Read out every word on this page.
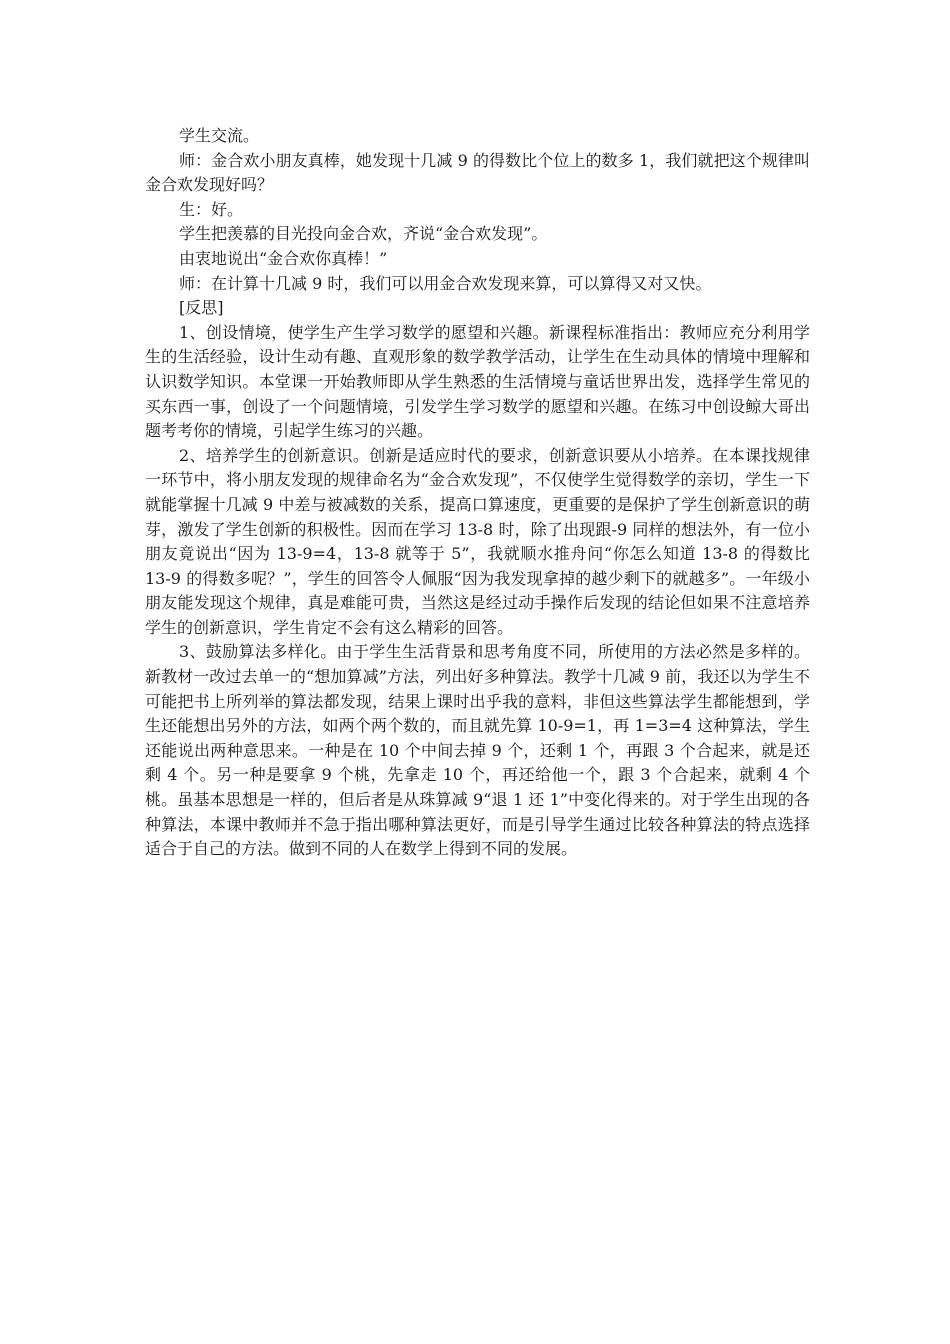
学生交流。

师：金合欢小朋友真棒，她发现十几减 9 的得数比个位上的数多 1，我们就把这个规律叫金合欢发现好吗？

生：好。

学生把羡慕的目光投向金合欢，齐说“金合欢发现”。

由衷地说出“金合欢你真棒！”

师：在计算十几减 9 时，我们可以用金合欢发现来算，可以算得又对又快。

[反思]

1、创设情境，使学生产生学习数学的愿望和兴趣。新课程标准指出：教师应充分利用学生的生活经验，设计生动有趣、直观形象的数学教学活动，让学生在生动具体的情境中理解和认识数学知识。本堂课一开始教师即从学生熟悉的生活情境与童话世界出发，选择学生常见的买东西一事，创设了一个问题情境，引发学生学习数学的愿望和兴趣。在练习中创设鲸大哥出题考考你的情境，引起学生练习的兴趣。

2、培养学生的创新意识。创新是适应时代的要求，创新意识要从小培养。在本课找规律一环节中，将小朋友发现的规律命名为“金合欢发现”，不仅使学生觉得数学的亲切，学生一下就能掌握十几减 9 中差与被减数的关系，提高口算速度，更重要的是保护了学生创新意识的萌芽，激发了学生创新的积极性。因而在学习 13-8 时，除了出现跟-9 同样的想法外，有一位小朋友竟说出“因为 13-9=4，13-8 就等于 5”，我就顺水推舟问“你怎么知道 13-8 的得数比 13-9 的得数多呢？”，学生的回答令人佩服“因为我发现拿掉的越少剩下的就越多”。一年级小朋友能发现这个规律，真是难能可贵，当然这是经过动手操作后发现的结论但如果不注意培养学生的创新意识，学生肯定不会有这么精彩的回答。

3、鼓励算法多样化。由于学生生活背景和思考角度不同，所使用的方法必然是多样的。新教材一改过去单一的“想加算减”方法，列出好多种算法。教学十几减 9 前，我还以为学生不可能把书上所列举的算法都发现，结果上课时出乎我的意料，非但这些算法学生都能想到，学生还能想出另外的方法，如两个两个数的，而且就先算 10-9=1，再 1=3=4 这种算法，学生还能说出两种意思来。一种是在 10 个中间去掉 9 个，还剩 1 个，再跟 3 个合起来，就是还剩 4 个。另一种是要拿 9 个桃，先拿走 10 个，再还给他一个，跟 3 个合起来，就剩 4 个桃。虽基本思想是一样的，但后者是从珠算减 9“退 1 还 1”中变化得来的。对于学生出现的各种算法，本课中教师并不急于指出哪种算法更好，而是引导学生通过比较各种算法的特点选择适合于自己的方法。做到不同的人在数学上得到不同的发展。
